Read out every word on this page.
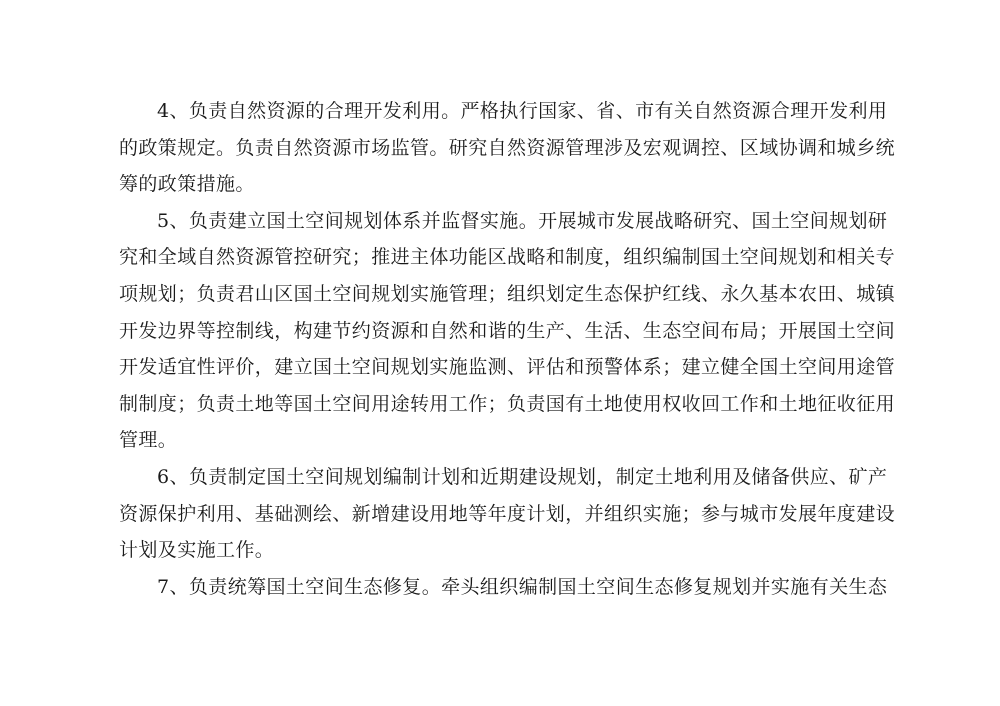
4、负责自然资源的合理开发利用。严格执行国家、省、市有关自然资源合理开发利用
的政策规定。负责自然资源市场监管。研究自然资源管理涉及宏观调控、区域协调和城乡统
筹的政策措施。
5、负责建立国土空间规划体系并监督实施。开展城市发展战略研究、国土空间规划研
究和全域自然资源管控研究；推进主体功能区战略和制度，组织编制国土空间规划和相关专
项规划；负责君山区国土空间规划实施管理；组织划定生态保护红线、永久基本农田、城镇
开发边界等控制线，构建节约资源和自然和谐的生产、生活、生态空间布局；开展国土空间
开发适宜性评价，建立国土空间规划实施监测、评估和预警体系；建立健全国土空间用途管
制制度；负责土地等国土空间用途转用工作；负责国有土地使用权收回工作和土地征收征用
管理。
6、负责制定国土空间规划编制计划和近期建设规划，制定土地利用及储备供应、矿产
资源保护利用、基础测绘、新增建设用地等年度计划，并组织实施；参与城市发展年度建设
计划及实施工作。
7、负责统筹国土空间生态修复。牵头组织编制国土空间生态修复规划并实施有关生态
